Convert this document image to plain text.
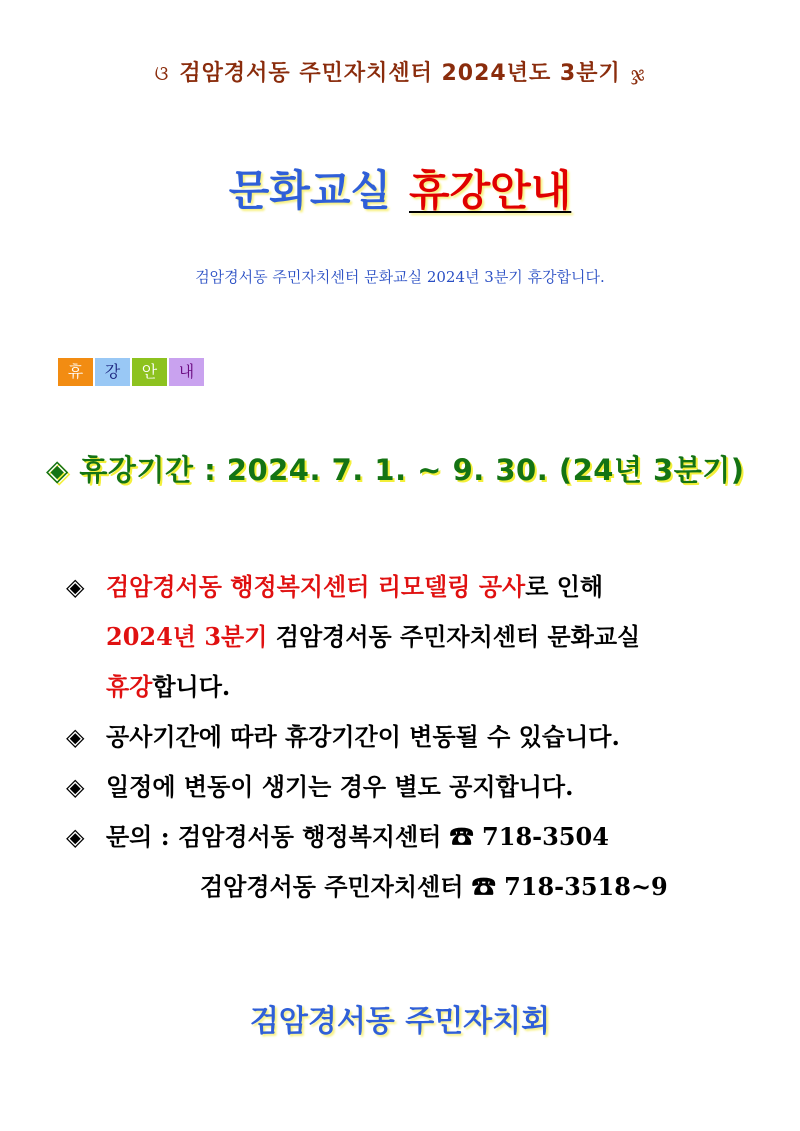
ଓ 검암경서동 주민자치센터 2024년도 3분기 ჯ
문화교실 휴강안내
검암경서동 주민자치센터 문화교실 2024년 3분기 휴강합니다.
휴	강	안	내
◈ 휴강기간 : 2024. 7. 1. ~ 9. 30. (24년 3분기)
◈ 검암경서동 행정복지센터 리모델링 공사로 인해
2024년 3분기 검암경서동 주민자치센터 문화교실
휴강합니다.
◈ 공사기간에 따라 휴강기간이 변동될 수 있습니다.
◈ 일정에 변동이 생기는 경우 별도 공지합니다.
◈ 문의 : 검암경서동 행정복지센터 ☎ 718-3504
검암경서동 주민자치센터 ☎ 718-3518~9
검암경서동 주민자치회
